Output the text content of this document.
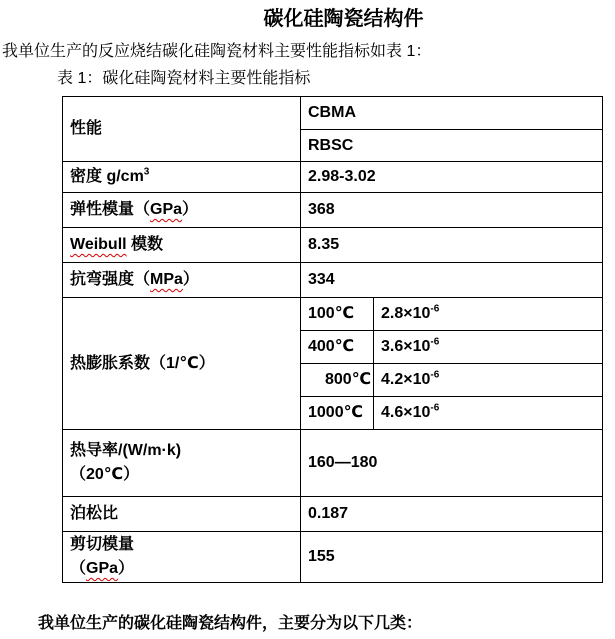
碳化硅陶瓷结构件
我单位生产的反应烧结碳化硅陶瓷材料主要性能指标如表 1：
表 1：碳化硅陶瓷材料主要性能指标
性能	CBMA	
	RBSC	
密度 $g/cm^3$	2.98-3.02	
弹性模量（GPa）	368	
Weibull 模数	8.35	
抗弯强度（MPa）	334	
热膨胀系数（1/℃）	100℃	$2.8\times 10^{-6}$
	400℃	$3.6\times 10^{-6}$
	800℃	$4.2\times 10^{-6}$
	1000℃	$4.6\times 10^{-6}$

热导率/(W/m·k)
（20℃）	160—180	
泊松比	0.187	

剪切模量
（GPa）	155	
我单位生产的碳化硅陶瓷结构件，主要分为以下几类：
